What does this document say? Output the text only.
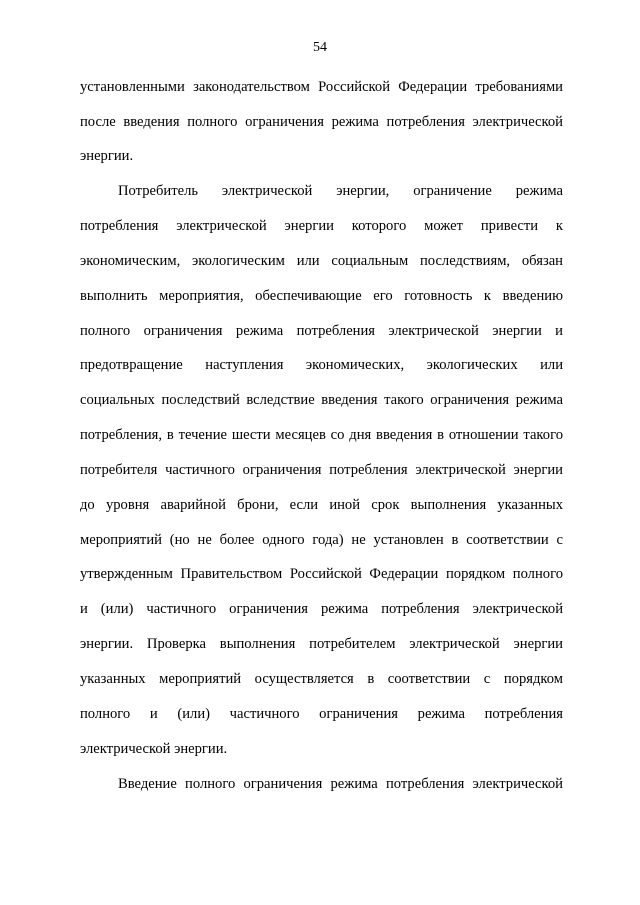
54
установленными законодательством Российской Федерации требованиями
после введения полного ограничения режима потребления электрической
энергии.
Потребитель электрической энергии, ограничение режима
потребления электрической энергии которого может привести к
экономическим, экологическим или социальным последствиям, обязан
выполнить мероприятия, обеспечивающие его готовность к введению
полного ограничения режима потребления электрической энергии и
предотвращение наступления экономических, экологических или
социальных последствий вследствие введения такого ограничения режима
потребления, в течение шести месяцев со дня введения в отношении такого
потребителя частичного ограничения потребления электрической энергии
до уровня аварийной брони, если иной срок выполнения указанных
мероприятий (но не более одного года) не установлен в соответствии с
утвержденным Правительством Российской Федерации порядком полного
и (или) частичного ограничения режима потребления электрической
энергии. Проверка выполнения потребителем электрической энергии
указанных мероприятий осуществляется в соответствии с порядком
полного и (или) частичного ограничения режима потребления
электрической энергии.
Введение полного ограничения режима потребления электрической
